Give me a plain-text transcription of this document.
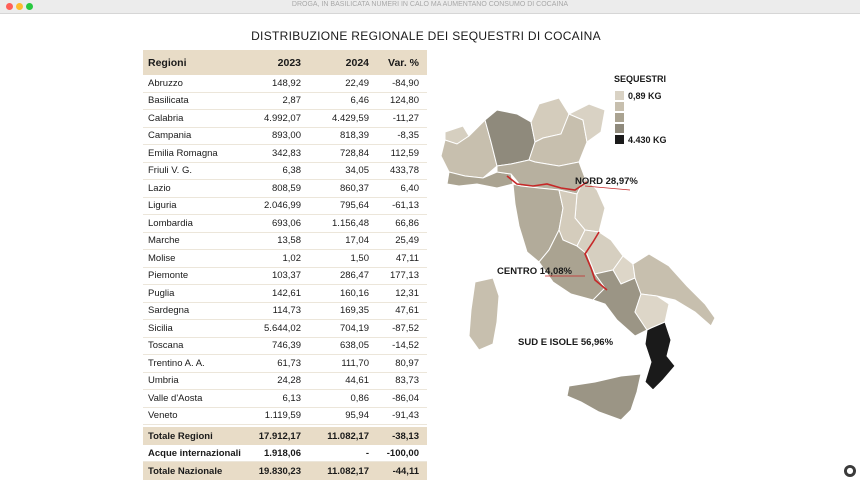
DROGA, IN BASILICATA NUMERI IN CALO MA AUMENTANO CONSUMO DI COCAINA
DISTRIBUZIONE REGIONALE DEI SEQUESTRI DI COCAINA
Regioni	2023	2024	Var. %
Abruzzo	148,92	22,49	-84,90
Basilicata	2,87	6,46	124,80
Calabria	4.992,07	4.429,59	-11,27
Campania	893,00	818,39	-8,35
Emilia Romagna	342,83	728,84	112,59
Friuli V. G.	6,38	34,05	433,78
Lazio	808,59	860,37	6,40
Liguria	2.046,99	795,64	-61,13
Lombardia	693,06	1.156,48	66,86
Marche	13,58	17,04	25,49
Molise	1,02	1,50	47,11
Piemonte	103,37	286,47	177,13
Puglia	142,61	160,16	12,31
Sardegna	114,73	169,35	47,61
Sicilia	5.644,02	704,19	-87,52
Toscana	746,39	638,05	-14,52
Trentino A. A.	61,73	111,70	80,97
Umbria	24,28	44,61	83,73
Valle d'Aosta	6,13	0,86	-86,04
Veneto	1.119,59	95,94	-91,43
Totale Regioni	17.912,17	11.082,17	-38,13
Acque internazionali	1.918,06	-	-100,00
Totale Nazionale	19.830,23	11.082,17	-44,11
SEQUESTRI
0,89 KG
4.430 KG
NORD 28,97%
CENTRO 14,08%
SUD E ISOLE 56,96%
●
